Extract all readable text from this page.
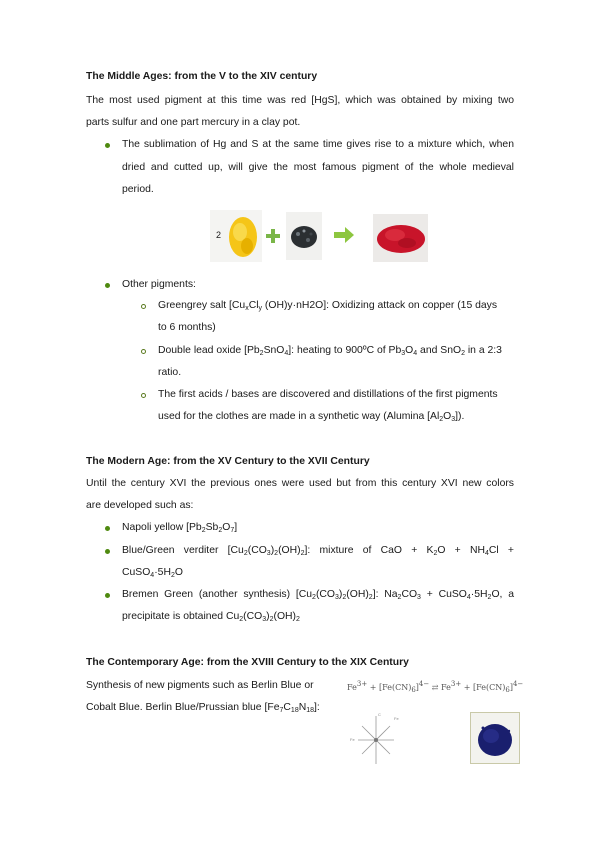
The Middle Ages: from the V to the XIV century
The most used pigment at this time was red [HgS], which was obtained by mixing two
parts sulfur and one part mercury in a clay pot.
The sublimation of Hg and S at the same time gives rise to a mixture which, when
dried and cutted up, will give the most famous pigment of the whole medieval
period.
2
Other pigments:
Greengrey salt [$Cu_xCl_y$ (OH)y·nH2O]: Oxidizing attack on copper (15 days
to 6 months)
Double lead oxide $[Pb_2SnO_4]$: heating to 900ºC of $Pb_3O_4$ and SnO$_2$ in a 2:3
ratio.
The first acids / bases are discovered and distillations of the first pigments
used for the clothes are made in a synthetic way (Alumina $[Al_2O_3]$).
The Modern Age: from the XV Century to the XVII Century
Until the century XVI the previous ones were used but from this century XVI new colors
are developed such as:
Napoli yellow $[Pb_2Sb_2O_7]$
Blue/Green verditer $[Cu_2(CO_3)_2(OH)_2]$: mixture of CaO + $K_2O + NH_4Cl$ +
$CuSO_4\cdot 5H_2O$
Bremen Green (another synthesis) $[Cu_2(CO_3)_2(OH)_2]$: $Na_2CO_3$ + $CuSO_4\cdot 5H_2O$, a
precipitate is obtained $Cu_2(CO_3)_2(OH)_2$
The Contemporary Age: from the XVIII Century to the XIX Century
Synthesis of new pigments such as Berlin Blue or
Cobalt Blue. Berlin Blue/Prussian blue $[Fe_7C_{18}N_{18}]$:
$Fe^{3+} + [Fe(CN)_6]^{4-}$ ⇄ $Fe^{3+} + [Fe(CN)_6]^{4-}$
Fe
Fe
C
